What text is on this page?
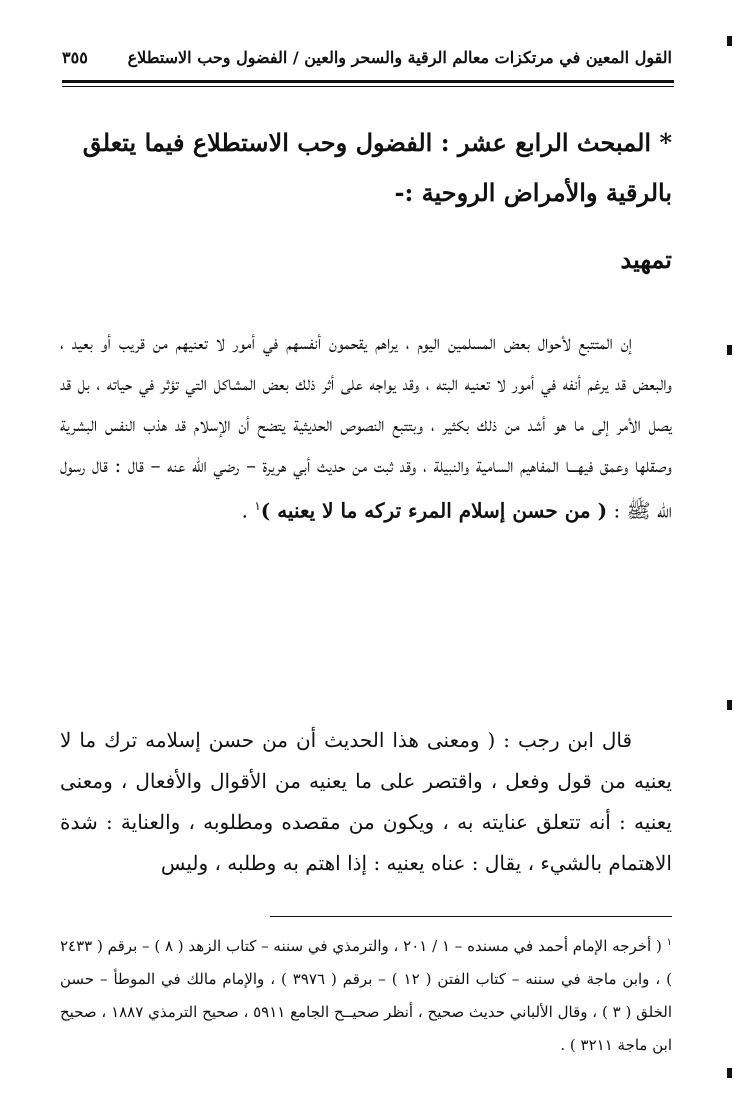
القول المعين في مرتكزات معالم الرقية والسحر والعين / الفضول وحب الاستطلاع
٣٥٥
* المبحث الرابع عشر : الفضول وحب الاستطلاع فيما يتعلق بالرقية والأمراض الروحية :-
تمهيد
إن المتتبع لأحوال بعض المسلمين اليوم ، يراهم يقحمون أنفسهم في أمور لا تعنيهم من قريب أو بعيد ، والبعض قد يرغم أنفه في أمور لا تعنيه البته ، وقد يواجه على أثر ذلك بعض المشاكل التي تؤثر في حياته ، بل قد يصل الأمر إلى ما هو أشد من ذلك بكثير ، وبتتبع النصوص الحديثية يتضح أن الإسلام قد هذب النفس البشرية وصقلها وعمق فيهـــا المفاهيم السامية والنبيلة ، وقد ثبت من حديث أبي هريرة – رضي الله عنه – قال : قال رسول الله ﷺ : ( من حسن إسلام المرء تركه ما لا يعنيه )$^١$ .
قال ابن رجب : ( ومعنى هذا الحديث أن من حسن إسلامه ترك ما لا يعنيه من قول وفعل ، واقتصر على ما يعنيه من الأقوال والأفعال ، ومعنى يعنيه : أنه تتعلق عنايته به ، ويكون من مقصده ومطلوبه ، والعناية : شدة الاهتمام بالشيء ، يقال : عناه يعنيه : إذا اهتم به وطلبه ، وليس
$^١$ ( أخرجه الإمام أحمد في مسنده – ١ / ٢٠١ ، والترمذي في سننه – كتاب الزهد ( ٨ ) – برقم ( ٢٤٣٣ ) ، وابن ماجة في سننه – كتاب الفتن ( ١٢ ) – برقم ( ٣٩٧٦ ) ، والإمام مالك في الموطأ – حسن الخلق ( ٣ ) ، وقال الألباني حديث صحيح ، أنظر صحيــح الجامع ٥٩١١ ، صحيح الترمذي ١٨٨٧ ، صحيح ابن ماجة ٣٢١١ ) .
